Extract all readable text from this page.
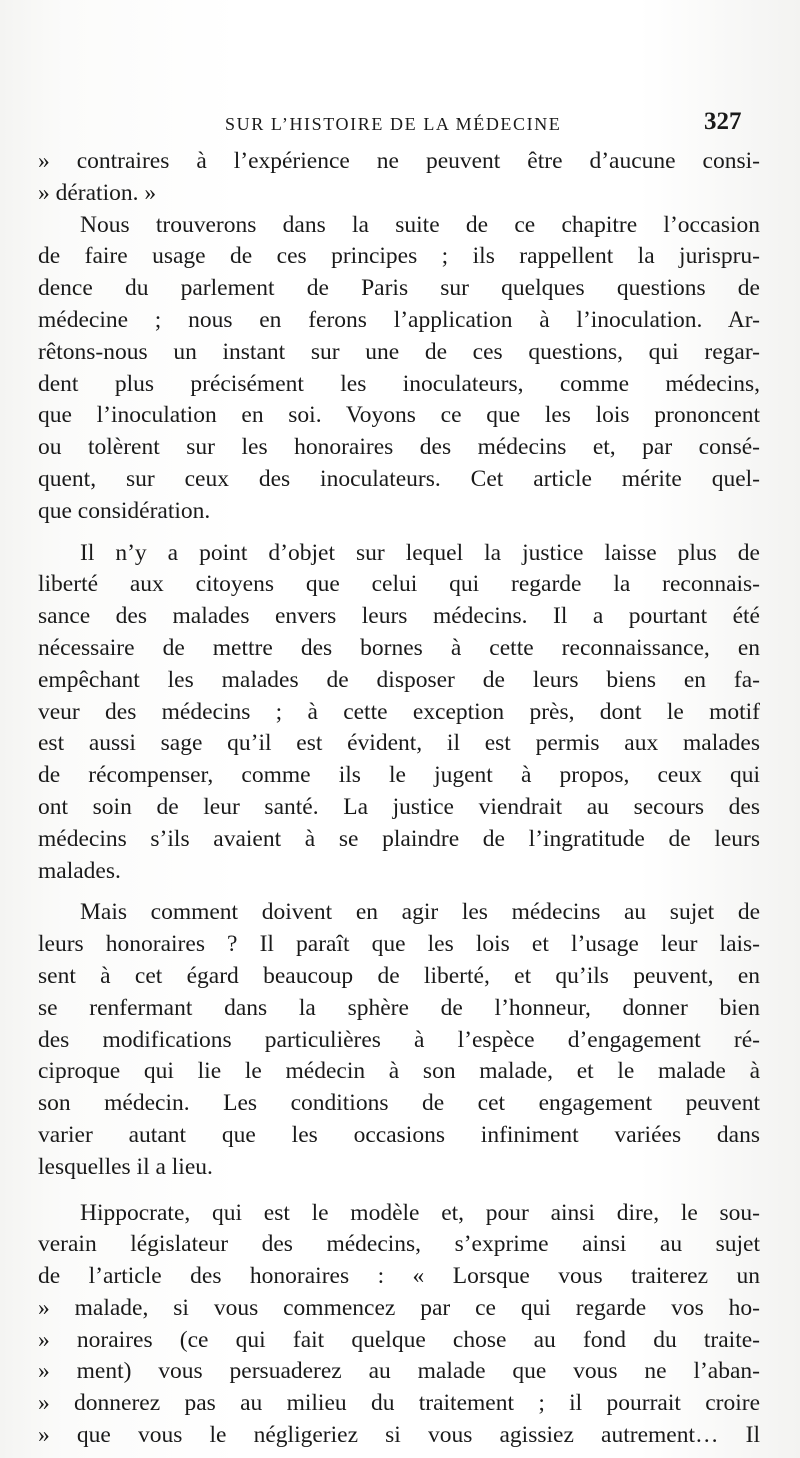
SUR L’HISTOIRE DE LA MÉDECINE	327
» contraires à l’expérience ne peuvent être d’aucune consi-
» dération. »
Nous trouverons dans la suite de ce chapitre l’occasion
de faire usage de ces principes ; ils rappellent la jurispru-
dence du parlement de Paris sur quelques questions de
médecine ; nous en ferons l’application à l’inoculation. Ar-
rêtons-nous un instant sur une de ces questions, qui regar-
dent plus précisément les inoculateurs, comme médecins,
que l’inoculation en soi. Voyons ce que les lois prononcent
ou tolèrent sur les honoraires des médecins et, par consé-
quent, sur ceux des inoculateurs. Cet article mérite quel-
que considération.
Il n’y a point d’objet sur lequel la justice laisse plus de
liberté aux citoyens que celui qui regarde la reconnais-
sance des malades envers leurs médecins. Il a pourtant été
nécessaire de mettre des bornes à cette reconnaissance, en
empêchant les malades de disposer de leurs biens en fa-
veur des médecins ; à cette exception près, dont le motif
est aussi sage qu’il est évident, il est permis aux malades
de récompenser, comme ils le jugent à propos, ceux qui
ont soin de leur santé. La justice viendrait au secours des
médecins s’ils avaient à se plaindre de l’ingratitude de leurs
malades.
Mais comment doivent en agir les médecins au sujet de
leurs honoraires ? Il paraît que les lois et l’usage leur lais-
sent à cet égard beaucoup de liberté, et qu’ils peuvent, en
se renfermant dans la sphère de l’honneur, donner bien
des modifications particulières à l’espèce d’engagement ré-
ciproque qui lie le médecin à son malade, et le malade à
son médecin. Les conditions de cet engagement peuvent
varier autant que les occasions infiniment variées dans
lesquelles il a lieu.
Hippocrate, qui est le modèle et, pour ainsi dire, le sou-
verain législateur des médecins, s’exprime ainsi au sujet
de l’article des honoraires : « Lorsque vous traiterez un
» malade, si vous commencez par ce qui regarde vos ho-
» noraires (ce qui fait quelque chose au fond du traite-
» ment) vous persuaderez au malade que vous ne l’aban-
» donnerez pas au milieu du traitement ; il pourrait croire
» que vous le négligeriez si vous agissiez autrement… Il
